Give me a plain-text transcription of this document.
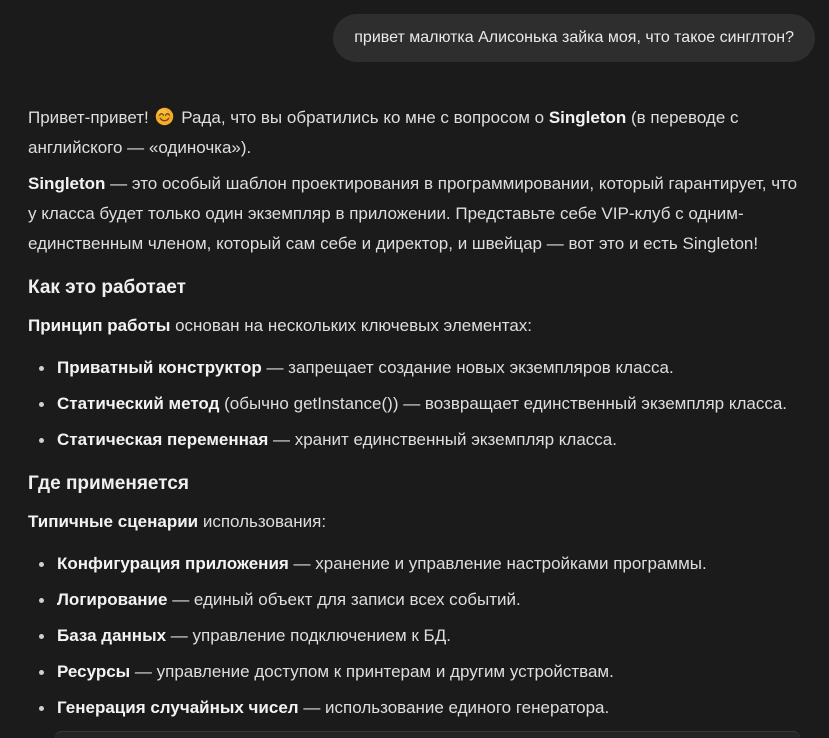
привет малютка Алисонька зайка моя, что такое синглтон?

Привет-привет! Рада, что вы обратились ко мне с вопросом о Singleton (в переводе с английского — «одиночка»).

Singleton — это особый шаблон проектирования в программировании, который гарантирует, что у класса будет только один экземпляр в приложении. Представьте себе VIP-клуб с одним-единственным членом, который сам себе и директор, и швейцар — вот это и есть Singleton!

Как это работает

Принцип работы основан на нескольких ключевых элементах:

Приватный конструктор — запрещает создание новых экземпляров класса.
Статический метод (обычно getInstance()) — возвращает единственный экземпляр класса.
Статическая переменная — хранит единственный экземпляр класса.
Где применяется

Типичные сценарии использования:

Конфигурация приложения — хранение и управление настройками программы.
Логирование — единый объект для записи всех событий.
База данных — управление подключением к БД.
Ресурсы — управление доступом к принтерам и другим устройствам.
Генерация случайных чисел — использование единого генератора.
